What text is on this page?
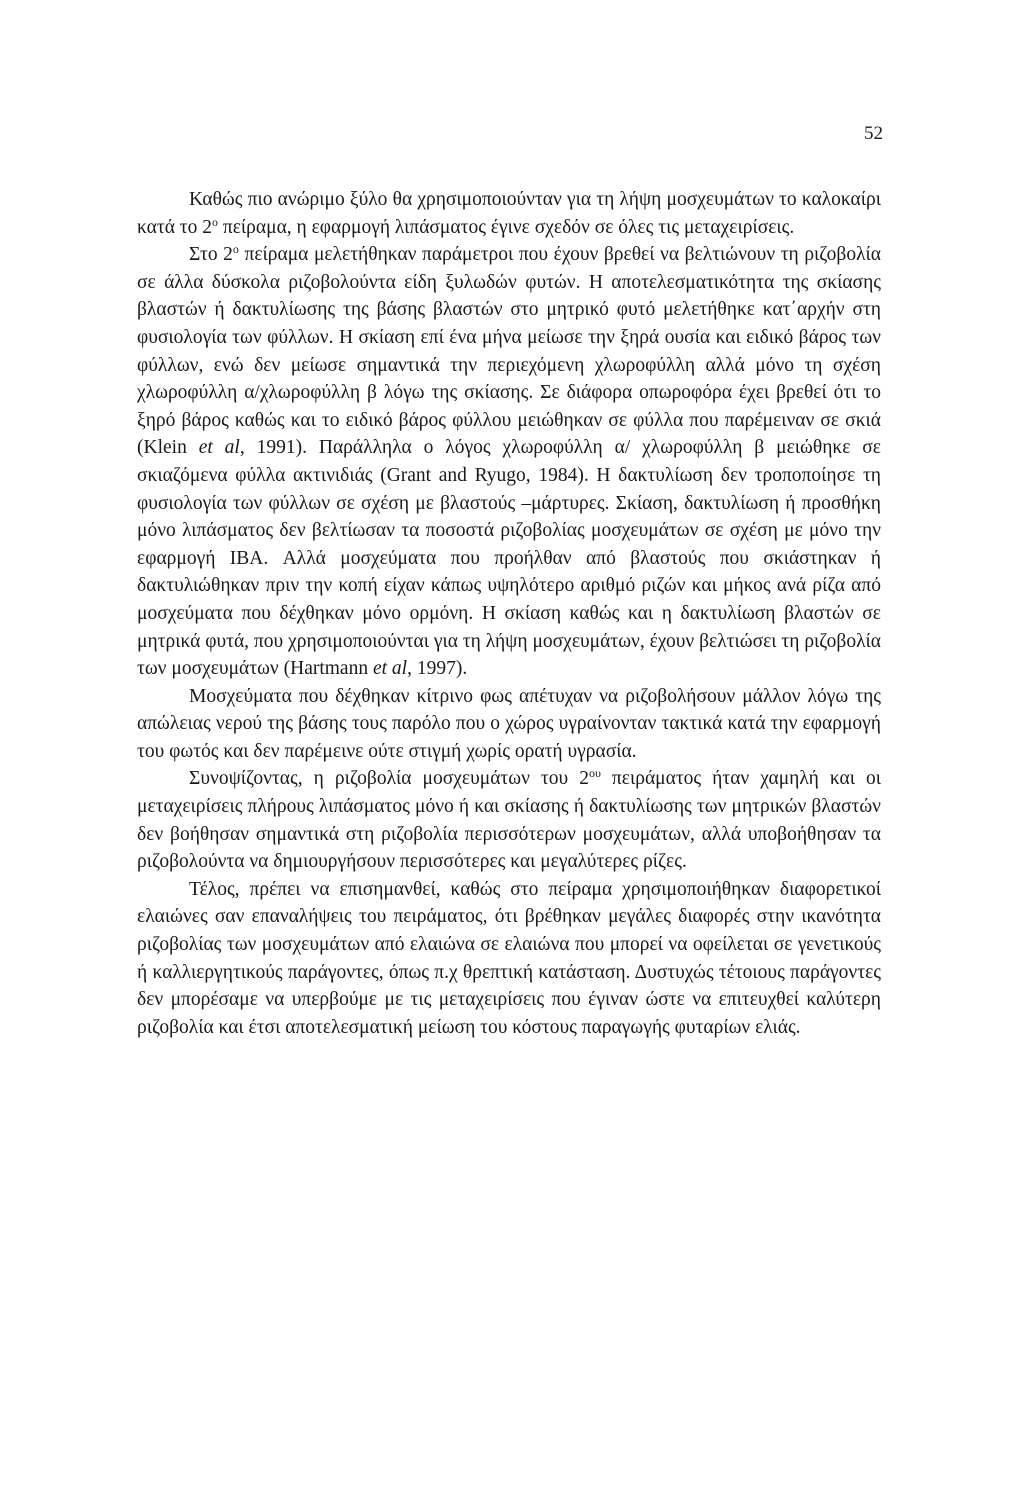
52

Καθώς πιο ανώριμο ξύλο θα χρησιμοποιούνταν για τη λήψη μοσχευμάτων το καλοκαίρι κατά το $2^o$ πείραμα, η εφαρμογή λιπάσματος έγινε σχεδόν σε όλες τις μεταχειρίσεις.

Στο $2^o$ πείραμα μελετήθηκαν παράμετροι που έχουν βρεθεί να βελτιώνουν τη ριζοβολία σε άλλα δύσκολα ριζοβολούντα είδη ξυλωδών φυτών. Η αποτελεσματικότητα της σκίασης βλαστών ή δακτυλίωσης της βάσης βλαστών στο μητρικό φυτό μελετήθηκε κατ΄αρχήν στη φυσιολογία των φύλλων. Η σκίαση επί ένα μήνα μείωσε την ξηρά ουσία και ειδικό βάρος των φύλλων, ενώ δεν μείωσε σημαντικά την περιεχόμενη χλωροφύλλη αλλά μόνο τη σχέση χλωροφύλλη α/χλωροφύλλη β λόγω της σκίασης. Σε διάφορα οπωροφόρα έχει βρεθεί ότι το ξηρό βάρος καθώς και το ειδικό βάρος φύλλου μειώθηκαν σε φύλλα που παρέμειναν σε σκιά (Klein et al, 1991). Παράλληλα ο λόγος χλωροφύλλη α/ χλωροφύλλη β μειώθηκε σε σκιαζόμενα φύλλα ακτινιδιάς (Grant and Ryugo, 1984). Η δακτυλίωση δεν τροποποίησε τη φυσιολογία των φύλλων σε σχέση με βλαστούς –μάρτυρες. Σκίαση, δακτυλίωση ή προσθήκη μόνο λιπάσματος δεν βελτίωσαν τα ποσοστά ριζοβολίας μοσχευμάτων σε σχέση με μόνο την εφαρμογή IBA. Αλλά μοσχεύματα που προήλθαν από βλαστούς που σκιάστηκαν ή δακτυλιώθηκαν πριν την κοπή είχαν κάπως υψηλότερο αριθμό ριζών και μήκος ανά ρίζα από μοσχεύματα που δέχθηκαν μόνο ορμόνη. Η σκίαση καθώς και η δακτυλίωση βλαστών σε μητρικά φυτά, που χρησιμοποιούνται για τη λήψη μοσχευμάτων, έχουν βελτιώσει τη ριζοβολία των μοσχευμάτων (Hartmann et al, 1997).

Μοσχεύματα που δέχθηκαν κίτρινο φως απέτυχαν να ριζοβολήσουν μάλλον λόγω της απώλειας νερού της βάσης τους παρόλο που ο χώρος υγραίνονταν τακτικά κατά την εφαρμογή του φωτός και δεν παρέμεινε ούτε στιγμή χωρίς ορατή υγρασία.

Συνοψίζοντας, η ριζοβολία μοσχευμάτων του $2^{o\upsilon}$ πειράματος ήταν χαμηλή και οι μεταχειρίσεις πλήρους λιπάσματος μόνο ή και σκίασης ή δακτυλίωσης των μητρικών βλαστών δεν βοήθησαν σημαντικά στη ριζοβολία περισσότερων μοσχευμάτων, αλλά υποβοήθησαν τα ριζοβολούντα να δημιουργήσουν περισσότερες και μεγαλύτερες ρίζες.

Τέλος, πρέπει να επισημανθεί, καθώς στο πείραμα χρησιμοποιήθηκαν διαφορετικοί ελαιώνες σαν επαναλήψεις του πειράματος, ότι βρέθηκαν μεγάλες διαφορές στην ικανότητα ριζοβολίας των μοσχευμάτων από ελαιώνα σε ελαιώνα που μπορεί να οφείλεται σε γενετικούς ή καλλιεργητικούς παράγοντες, όπως π.χ θρεπτική κατάσταση. Δυστυχώς τέτοιους παράγοντες δεν μπορέσαμε να υπερβούμε με τις μεταχειρίσεις που έγιναν ώστε να επιτευχθεί καλύτερη ριζοβολία και έτσι αποτελεσματική μείωση του κόστους παραγωγής φυταρίων ελιάς.
